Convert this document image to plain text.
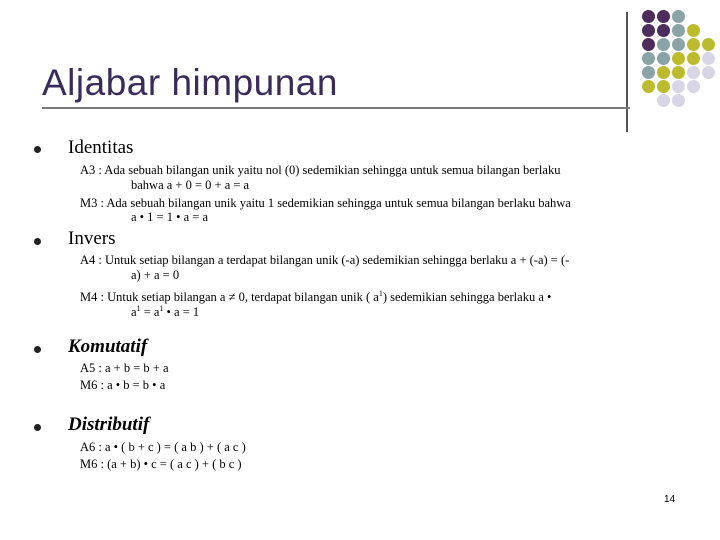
Aljabar himpunan
Identitas
A3 : Ada sebuah bilangan unik yaitu nol (0) sedemikian sehingga untuk semua bilangan berlaku
bahwa a + 0 = 0 + a = a
M3 : Ada sebuah bilangan unik yaitu 1 sedemikian sehingga untuk semua bilangan berlaku bahwa
a • 1 = 1 • a = a
Invers
A4 : Untuk setiap bilangan a terdapat bilangan unik (-a) sedemikian sehingga berlaku a + (-a) = (-
a) + a = 0
M4 : Untuk setiap bilangan a ≠ 0, terdapat bilangan unik ( $a^1$) sedemikian sehingga berlaku a •
$a^1 = a^1$ • a = 1
Komutatif
A5 : a + b = b + a
M6 : a • b = b • a
Distributif
A6 : a • ( b + c ) = ( a b ) + ( a c )
M6 : (a + b) • c = ( a c ) + ( b c )
14
